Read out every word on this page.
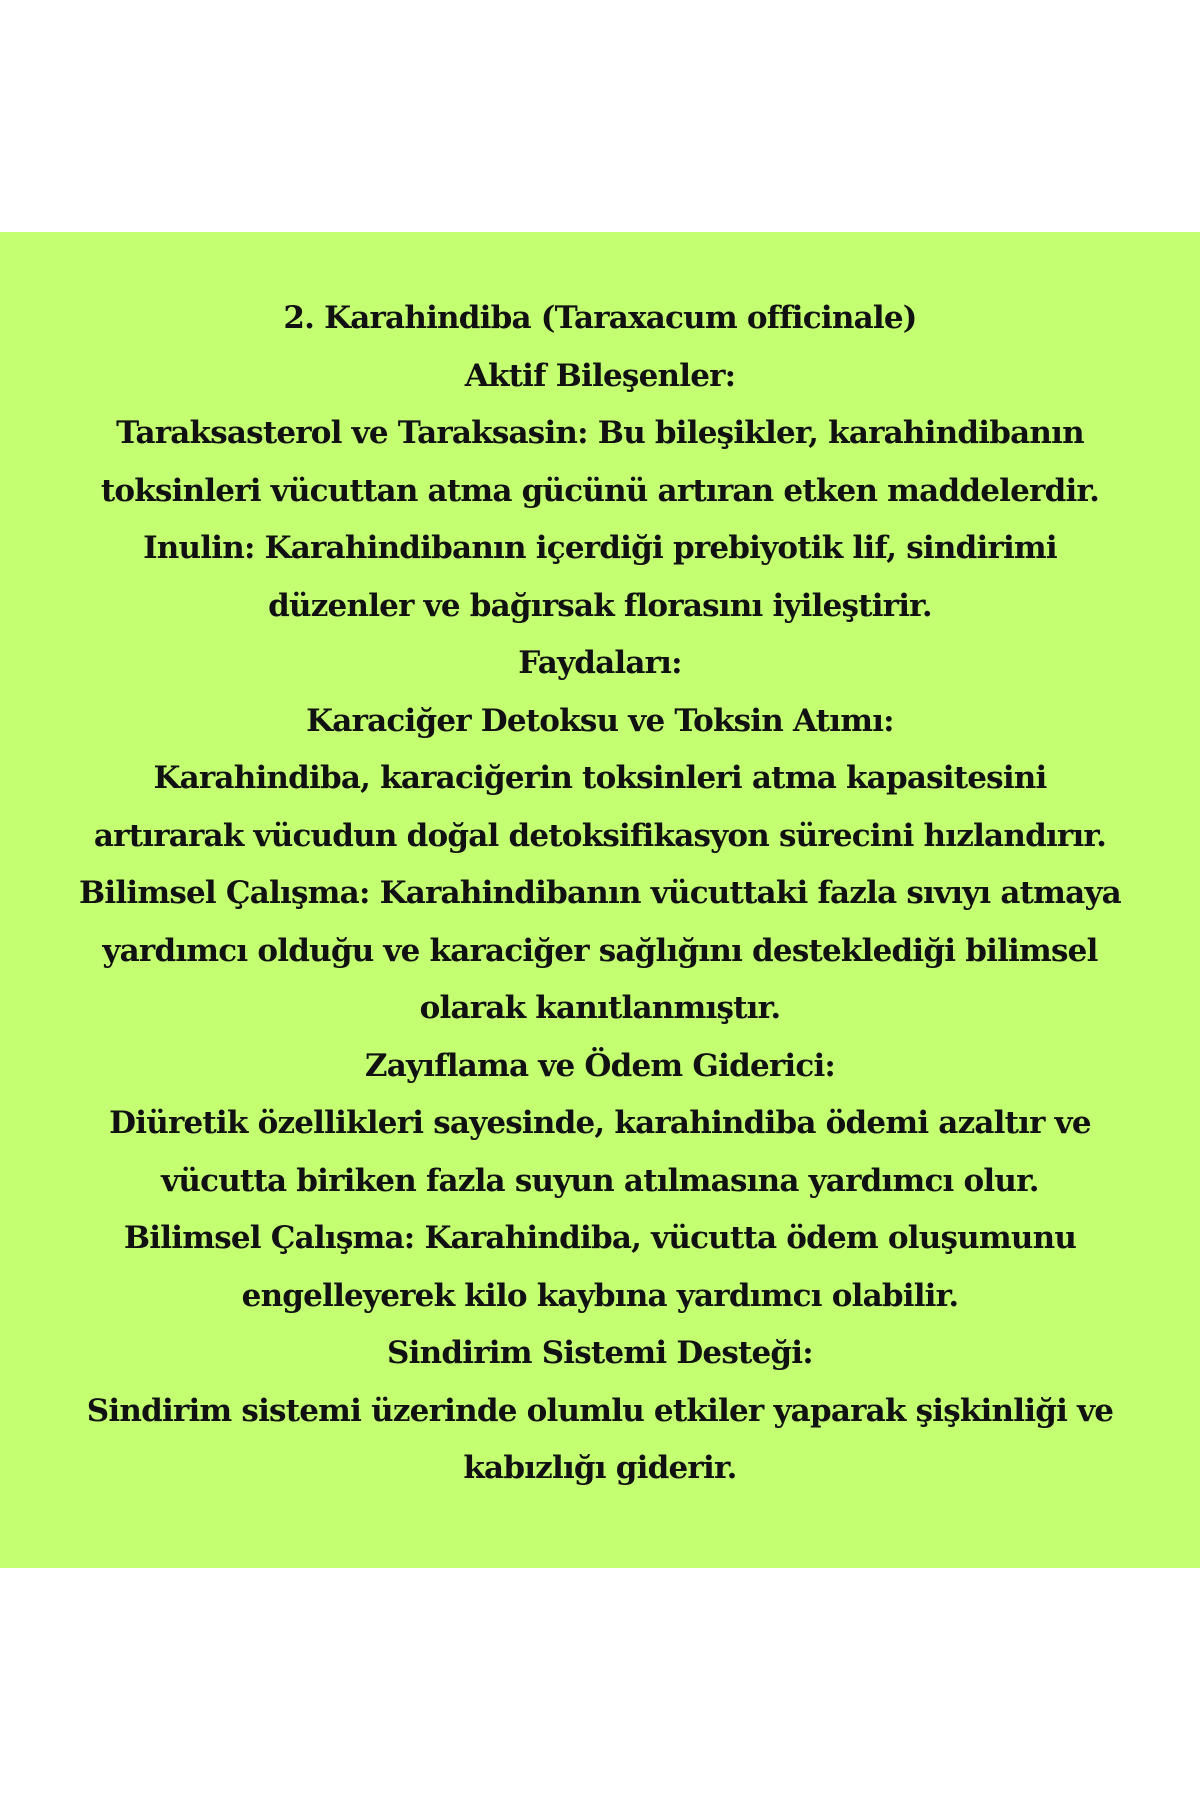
2. Karahindiba (Taraxacum officinale)
Aktif Bileşenler:
Taraksasterol ve Taraksasin: Bu bileşikler, karahindibanın
toksinleri vücuttan atma gücünü artıran etken maddelerdir.
Inulin: Karahindibanın içerdiği prebiyotik lif, sindirimi
düzenler ve bağırsak florasını iyileştirir.
Faydaları:
Karaciğer Detoksu ve Toksin Atımı:
Karahindiba, karaciğerin toksinleri atma kapasitesini
artırarak vücudun doğal detoksifikasyon sürecini hızlandırır.
Bilimsel Çalışma: Karahindibanın vücuttaki fazla sıvıyı atmaya
yardımcı olduğu ve karaciğer sağlığını desteklediği bilimsel
olarak kanıtlanmıştır.
Zayıflama ve Ödem Giderici:
Diüretik özellikleri sayesinde, karahindiba ödemi azaltır ve
vücutta biriken fazla suyun atılmasına yardımcı olur.
Bilimsel Çalışma: Karahindiba, vücutta ödem oluşumunu
engelleyerek kilo kaybına yardımcı olabilir.
Sindirim Sistemi Desteği:
Sindirim sistemi üzerinde olumlu etkiler yaparak şişkinliği ve
kabızlığı giderir.
